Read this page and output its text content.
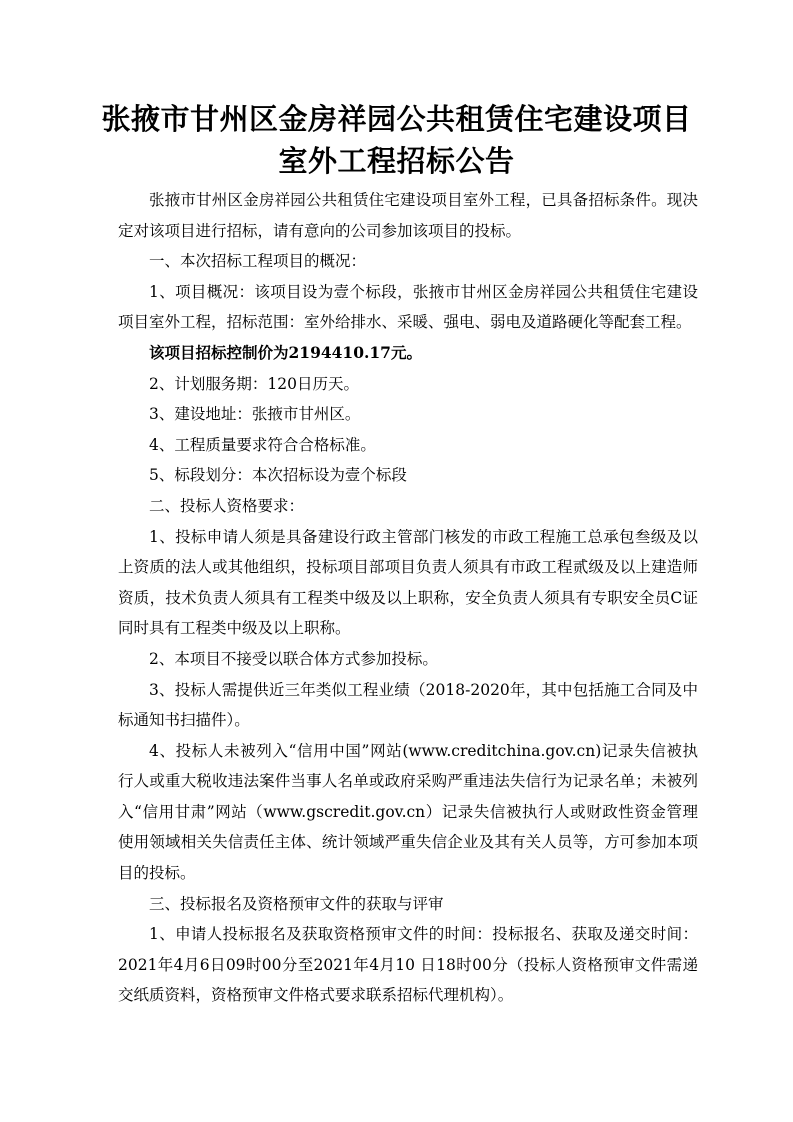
张掖市甘州区金房祥园公共租赁住宅建设项目
室外工程招标公告

张掖市甘州区金房祥园公共租赁住宅建设项目室外工程，已具备招标条件。现决定对该项目进行招标，请有意向的公司参加该项目的投标。

一、本次招标工程项目的概况：

1、项目概况：该项目设为壹个标段，张掖市甘州区金房祥园公共租赁住宅建设项目室外工程，招标范围：室外给排水、采暖、强电、弱电及道路硬化等配套工程。

该项目招标控制价为2194410.17元。

2、计划服务期：120日历天。

3、建设地址：张掖市甘州区。

4、工程质量要求符合合格标准。

5、标段划分：本次招标设为壹个标段

二、投标人资格要求：

1、投标申请人须是具备建设行政主管部门核发的市政工程施工总承包叁级及以上资质的法人或其他组织，投标项目部项目负责人须具有市政工程贰级及以上建造师资质，技术负责人须具有工程类中级及以上职称，安全负责人须具有专职安全员C证同时具有工程类中级及以上职称。

2、本项目不接受以联合体方式参加投标。

3、投标人需提供近三年类似工程业绩（2018-2020年，其中包括施工合同及中标通知书扫描件）。

4、投标人未被列入“信用中国”网站(www.creditchina.gov.cn)记录失信被执行人或重大税收违法案件当事人名单或政府采购严重违法失信行为记录名单；未被列入“信用甘肃”网站（www.gscredit.gov.cn）记录失信被执行人或财政性资金管理使用领域相关失信责任主体、统计领域严重失信企业及其有关人员等，方可参加本项目的投标。

三、投标报名及资格预审文件的获取与评审

1、申请人投标报名及获取资格预审文件的时间：投标报名、获取及递交时间：2021年4月6日09时00分至2021年4月10 日18时00分（投标人资格预审文件需递交纸质资料，资格预审文件格式要求联系招标代理机构）。
